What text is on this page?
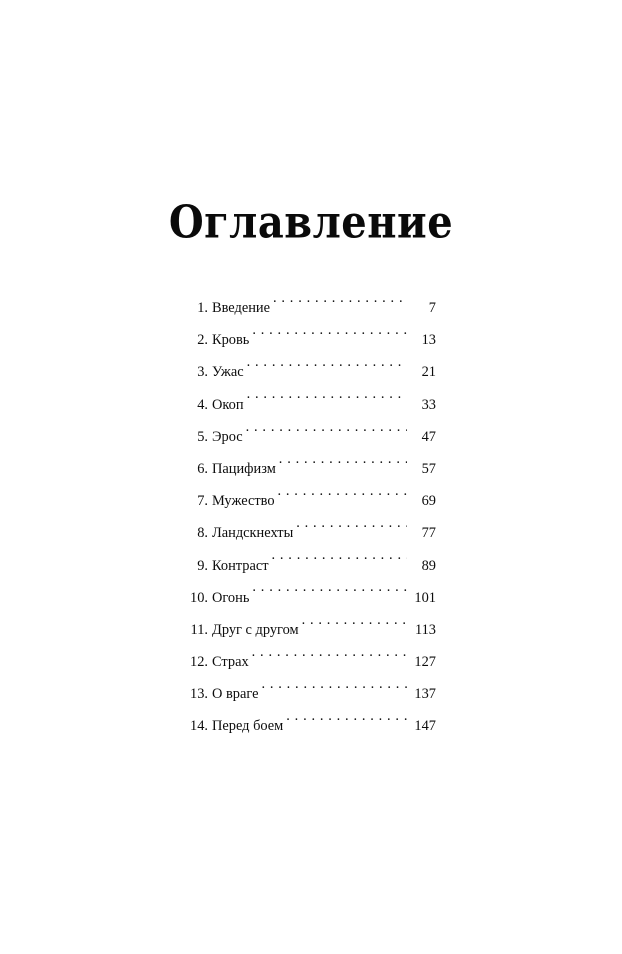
Оглавление
1. Введение . . .	7
2. Кровь . . .	13
3. Ужас . . .	21
4. Окоп . . .	33
5. Эрос . . .	47
6. Пацифизм . . .	57
7. Мужество . . .	69
8. Ландскнехты . . .	77
9. Контраст . . .	89
10. Огонь . . .	101
11. Друг с другом . . .	113
12. Страх . . .	127
13. О враге . . .	137
14. Перед боем . . .	147
